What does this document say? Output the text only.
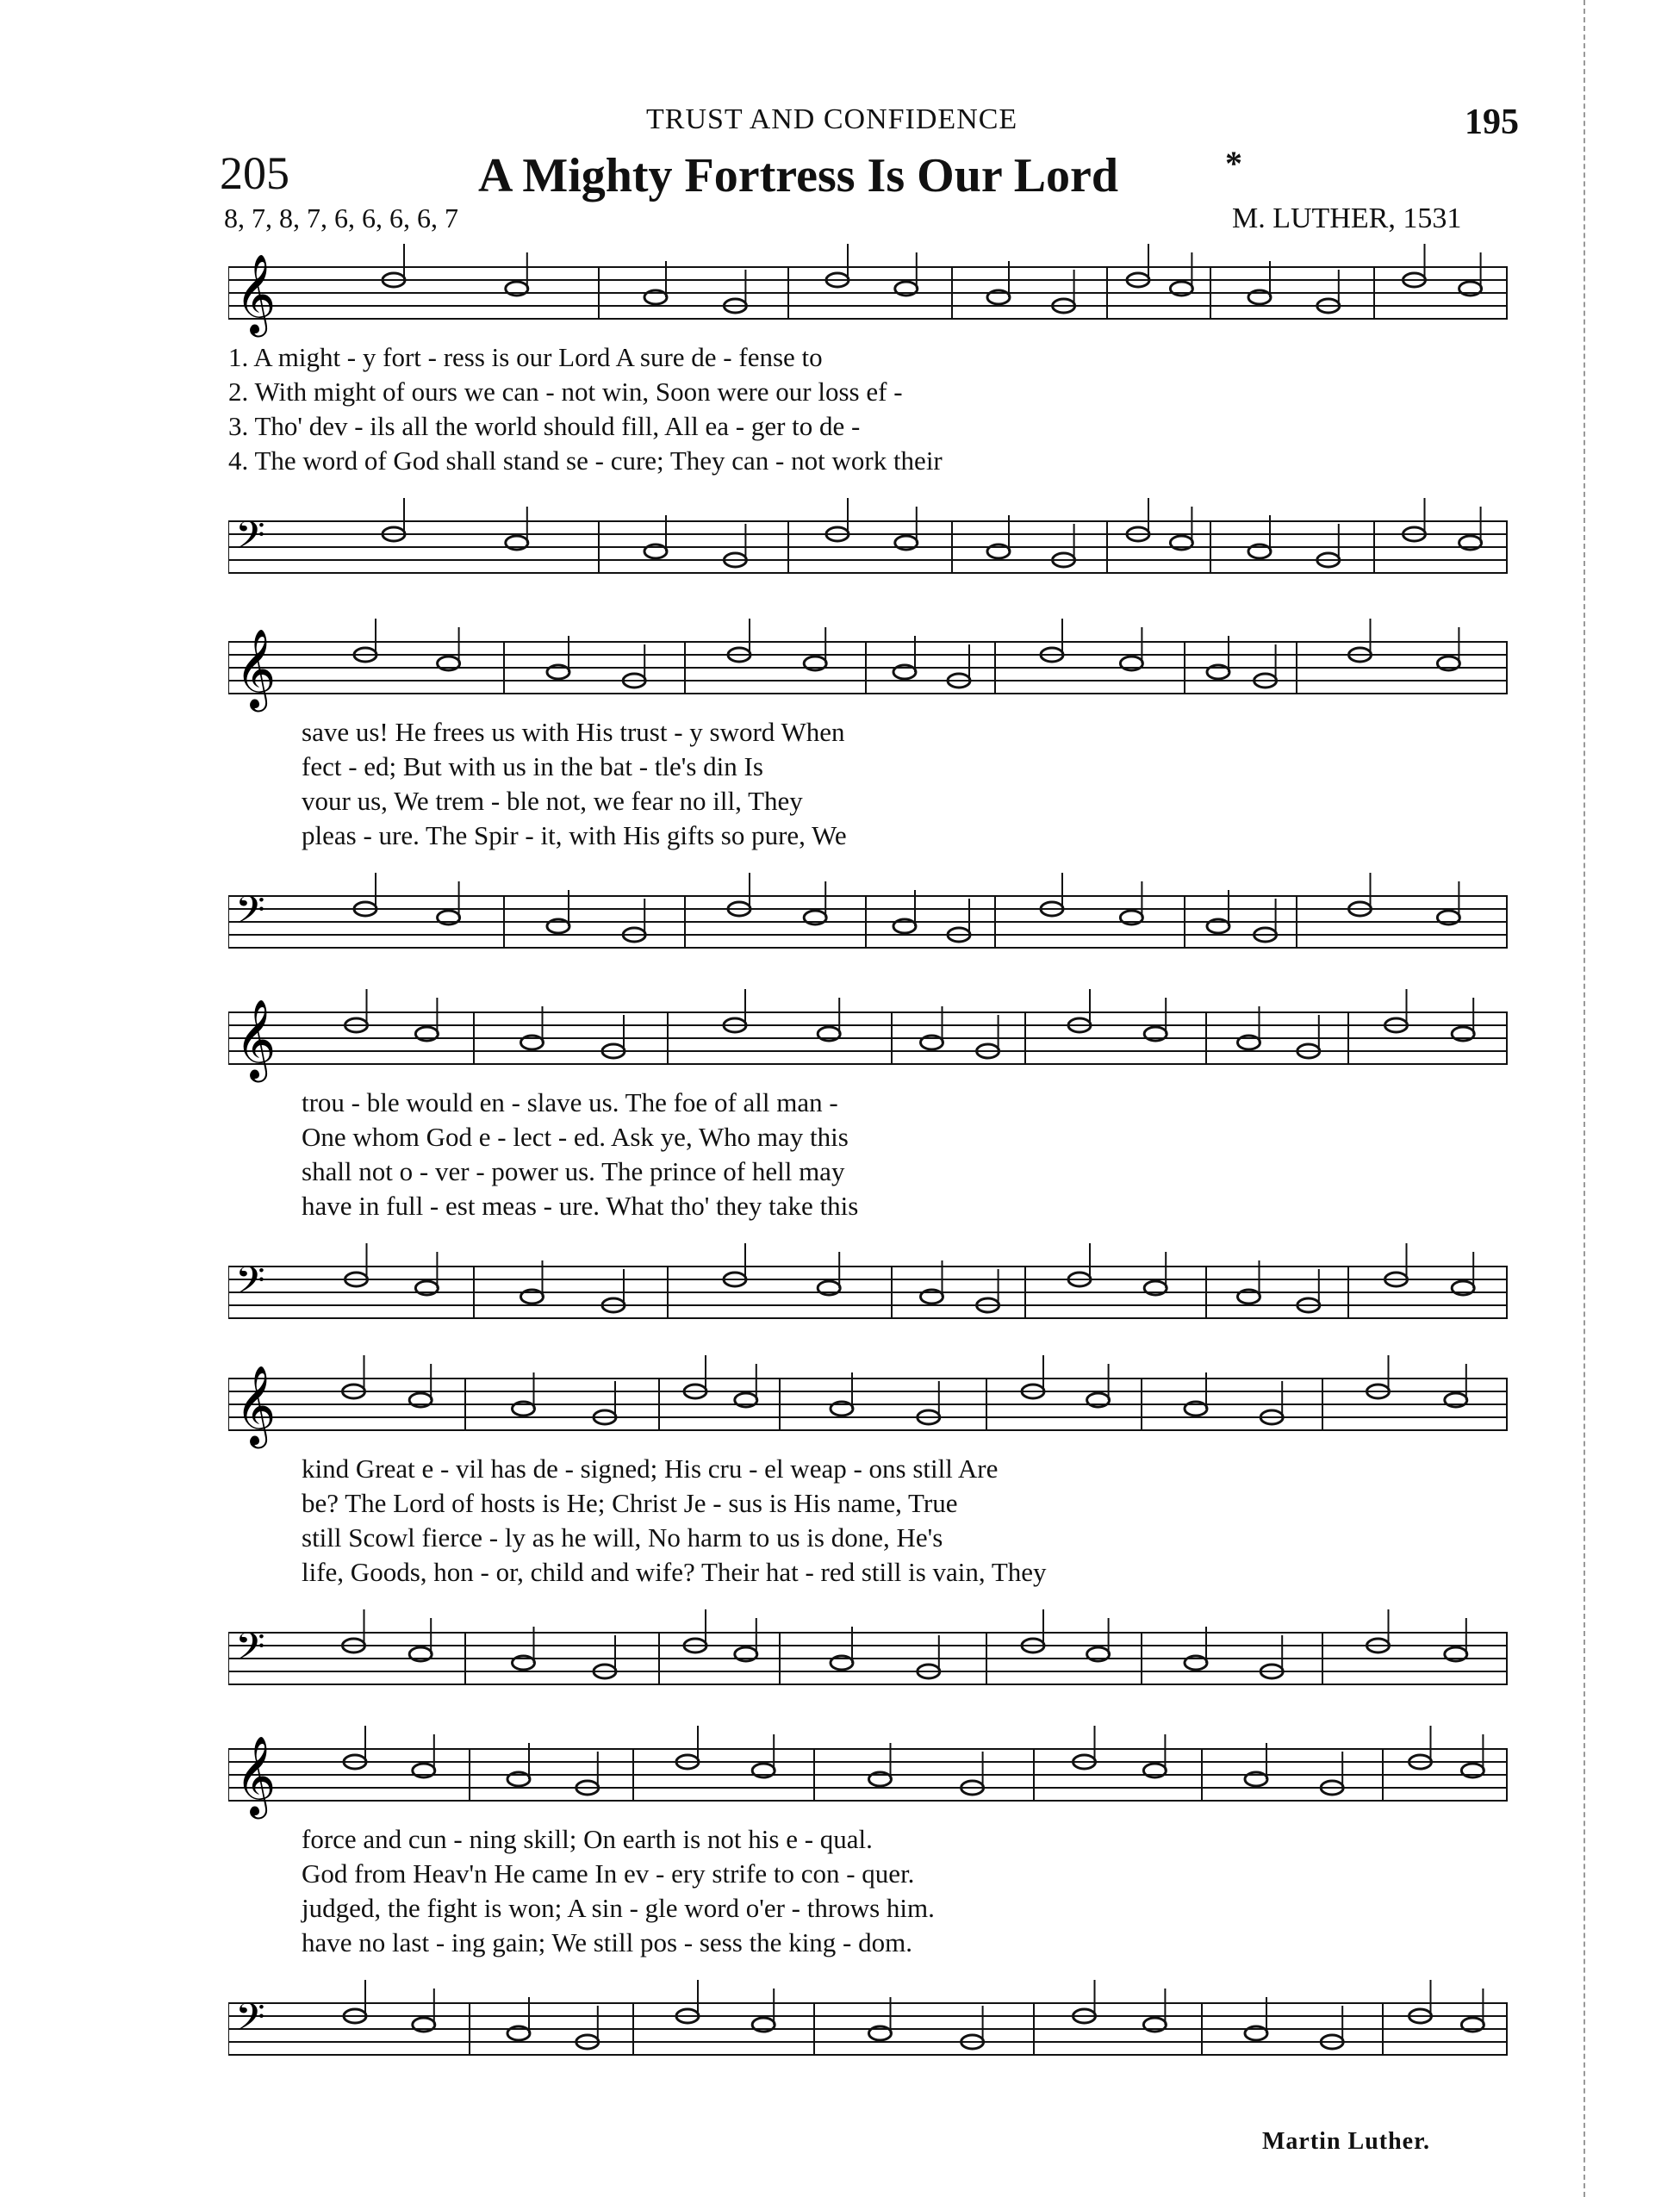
TRUST AND CONFIDENCE	195
205	A Mighty Fortress Is Our Lord	*
8, 7, 8, 7, 6, 6, 6, 6, 7	M. LUTHER, 1531
𝄞
𝄢
1. A might - y fort - ress is our Lord A sure de - fense to
2. With might of ours we can - not win, Soon were our loss ef -
3. Tho' dev - ils all the world should fill, All ea - ger to de -
4. The word of God shall stand se - cure; They can - not work their
𝄞
𝄢
save us! He frees us with His trust - y sword When
fect - ed; But with us in the bat - tle's din Is
vour us, We trem - ble not, we fear no ill, They
pleas - ure. The Spir - it, with His gifts so pure, We
𝄞
𝄢
trou - ble would en - slave us. The foe of all man -
One whom God e - lect - ed. Ask ye, Who may this
shall not o - ver - power us. The prince of hell may
have in full - est meas - ure. What tho' they take this
𝄞
𝄢
kind Great e - vil has de - signed; His cru - el weap - ons still Are
be? The Lord of hosts is He; Christ Je - sus is His name, True
still Scowl fierce - ly as he will, No harm to us is done, He's
life, Goods, hon - or, child and wife? Their hat - red still is vain, They
𝄞
𝄢
force and cun - ning skill; On earth is not his e - qual.
God from Heav'n He came In ev - ery strife to con - quer.
judged, the fight is won; A sin - gle word o'er - throws him.
have no last - ing gain; We still pos - sess the king - dom.
Martin Luther.
